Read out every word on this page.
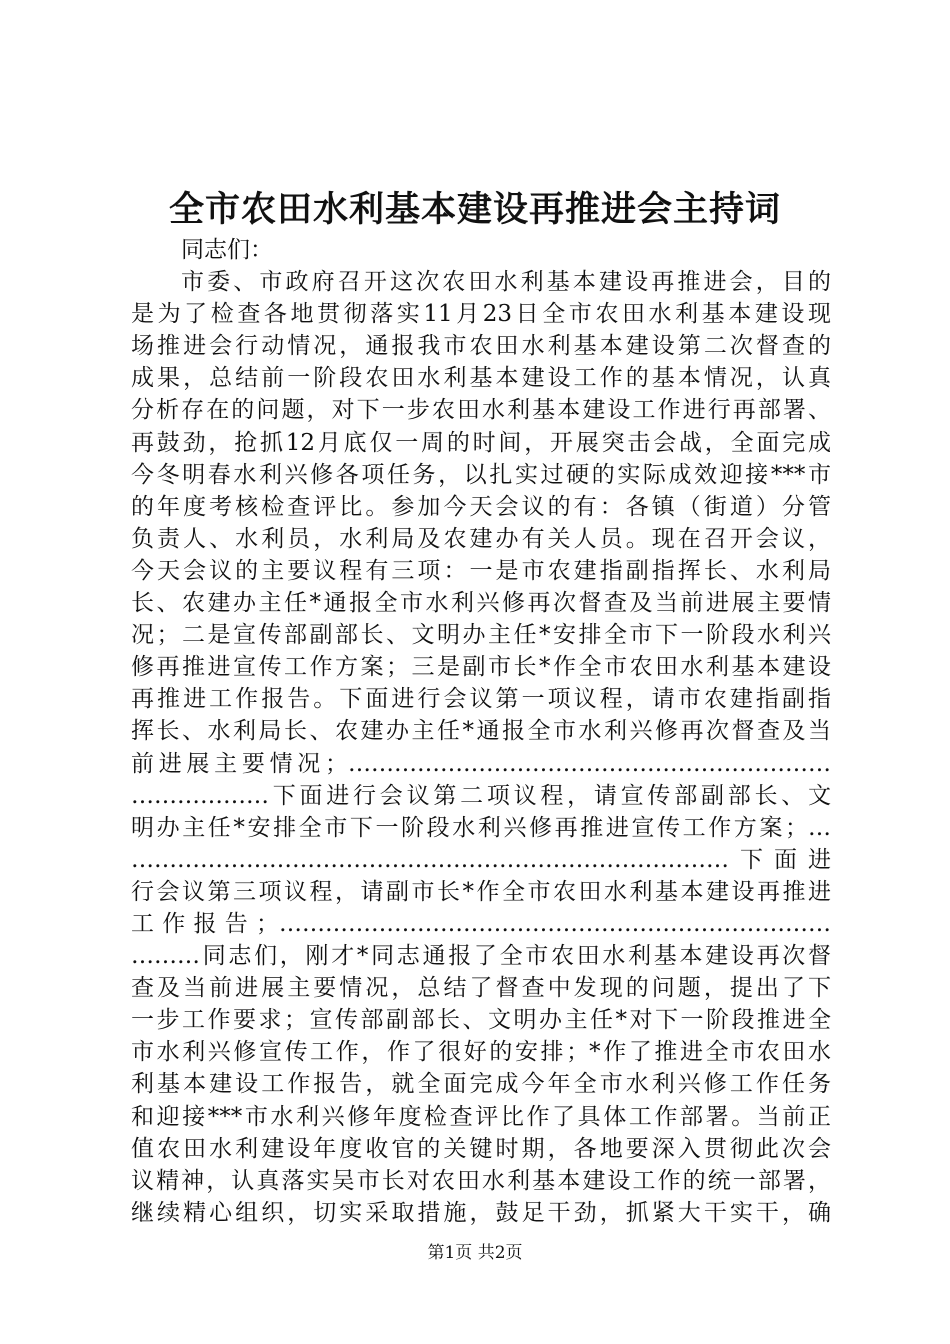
全市农田水利基本建设再推进会主持词
同志们：
市委、市政府召开这次农田水利基本建设再推进会，目的
是为了检查各地贯彻落实11月23日全市农田水利基本建设现
场推进会行动情况，通报我市农田水利基本建设第二次督查的
成果，总结前一阶段农田水利基本建设工作的基本情况，认真
分析存在的问题，对下一步农田水利基本建设工作进行再部署、
再鼓劲，抢抓12月底仅一周的时间，开展突击会战，全面完成
今冬明春水利兴修各项任务，以扎实过硬的实际成效迎接***市
的年度考核检查评比。参加今天会议的有：各镇（街道）分管
负责人、水利员，水利局及农建办有关人员。现在召开会议，
今天会议的主要议程有三项：一是市农建指副指挥长、水利局
长、农建办主任*通报全市水利兴修再次督查及当前进展主要情
况；二是宣传部副部长、文明办主任*安排全市下一阶段水利兴
修再推进宣传工作方案；三是副市长*作全市农田水利基本建设
再推进工作报告。下面进行会议第一项议程，请市农建指副指
挥长、水利局长、农建办主任*通报全市水利兴修再次督查及当
前进展主要情况；………………………………………………………
………………下面进行会议第二项议程，请宣传部副部长、文
明办主任*安排全市下一阶段水利兴修再推进宣传工作方案；…
……………………………………………………………………下面进
行会议第三项议程，请副市长*作全市农田水利基本建设再推进
工作报告；………………………………………………………………
………同志们，刚才*同志通报了全市农田水利基本建设再次督
查及当前进展主要情况，总结了督查中发现的问题，提出了下
一步工作要求；宣传部副部长、文明办主任*对下一阶段推进全
市水利兴修宣传工作，作了很好的安排；*作了推进全市农田水
利基本建设工作报告，就全面完成今年全市水利兴修工作任务
和迎接***市水利兴修年度检查评比作了具体工作部署。当前正
值农田水利建设年度收官的关键时期，各地要深入贯彻此次会
议精神，认真落实吴市长对农田水利基本建设工作的统一部署，
继续精心组织，切实采取措施，鼓足干劲，抓紧大干实干，确
第1页 共2页
